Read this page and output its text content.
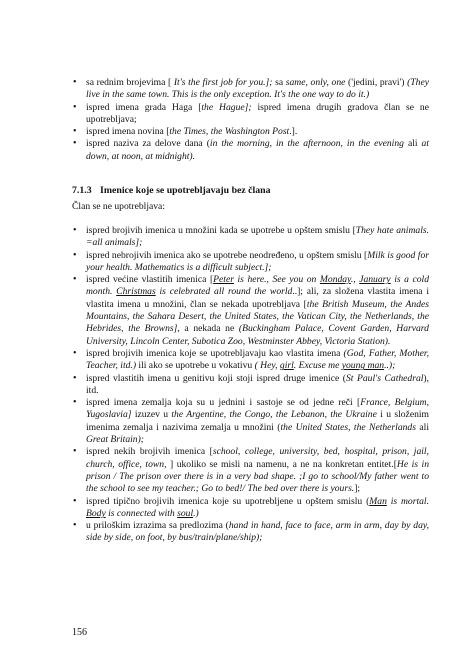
• sa rednim brojevima [ It's the first job for you.]; sa same, only, one ('jedini, pravi') (They live in the same town. This is the only exception. It's the one way to do it.)
• ispred imena grada Haga [the Hague]; ispred imena drugih gradova član se ne upotrebljava;
• ispred imena novina [the Times, the Washington Post.].
• ispred naziva za delove dana (in the morning, in the afternoon, in the evening ali at down, at noon, at midnight).
7.1.3 Imenice koje se upotrebljavaju bez člana
Član se ne upotrebljava:
• ispred brojivih imenica u množini kada se upotrebe u opštem smislu [They hate animals. =all animals];
• ispred nebrojivih imenica ako se upotrebe neodređeno, u opštem smislu [Milk is good for your health. Mathematics is a difficult subject.];
• ispred većine vlastitih imenica [Peter is here., See you on Monday., January is a cold month. Christmas is celebrated all round the world..]; ali, za složena vlastita imena i vlastita imena u množini, član se nekada upotrebljava [the British Museum, the Andes Mountains, the Sahara Desert, the United States, the Vatican City, the Netherlands, the Hebrides, the Browns], a nekada ne (Buckingham Palace, Covent Garden, Harvard University, Lincoln Center, Subotica Zoo, Westminster Abbey, Victoria Station).
• ispred brojivih imenica koje se upotrebljavaju kao vlastita imena (God, Father, Mother, Teacher, itd.) ili ako se upotrebe u vokativu ( Hey, girl. Excuse me young man..);
• ispred vlastitih imena u genitivu koji stoji ispred druge imenice (St Paul's Cathedral), itd.
• ispred imena zemalja koja su u jednini i sastoje se od jedne reči [France, Belgium, Yugoslavia] izuzev u the Argentine, the Congo, the Lebanon, the Ukraine i u složenim imenima zemalja i nazivima zemalja u množini (the United States, the Netherlands ali Great Britain);
• ispred nekih brojivih imenica [school, college, university, bed, hospital, prison, jail, church, office, town, ] ukoliko se misli na namenu, a ne na konkretan entitet.[He is in prison / The prison over there is in a very bad shape. ;I go to school/My father went to the school to see my teacher.; Go to bed!/ The bed over there is yours.];
• ispred tipično brojivih imenica koje su upotrebljene u opštem smislu (Man is mortal. Body is connected with soul.)
• u priloškim izrazima sa predlozima (hand in hand, face to face, arm in arm, day by day, side by side, on foot, by bus/train/plane/ship);
156
